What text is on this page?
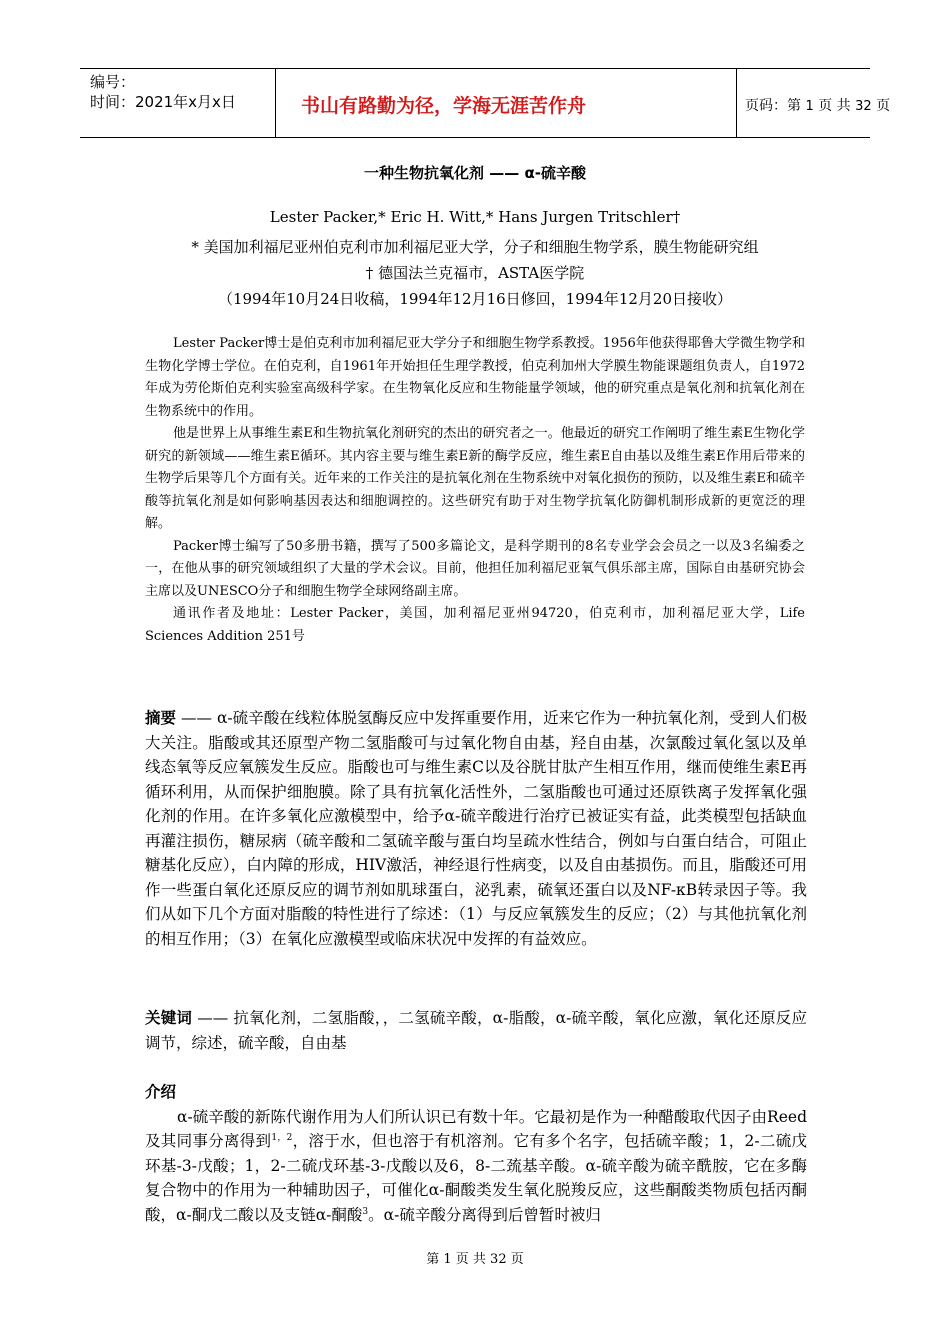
编号：
时间：2021年x月x日	书山有路勤为径，学海无涯苦作舟	页码：第 1 页 共 32 页
一种生物抗氧化剂 —— α-硫辛酸
Lester Packer,* Eric H. Witt,* Hans Jurgen Tritschler†
* 美国加利福尼亚州伯克利市加利福尼亚大学，分子和细胞生物学系，膜生物能研究组
† 德国法兰克福市，ASTA医学院
（1994年10月24日收稿，1994年12月16日修回，1994年12月20日接收）

Lester Packer博士是伯克利市加利福尼亚大学分子和细胞生物学系教授。1956年他获得耶鲁大学微生物学和生物化学博士学位。在伯克利，自1961年开始担任生理学教授，伯克利加州大学膜生物能课题组负责人，自1972年成为劳伦斯伯克利实验室高级科学家。在生物氧化反应和生物能量学领域，他的研究重点是氧化剂和抗氧化剂在生物系统中的作用。

他是世界上从事维生素E和生物抗氧化剂研究的杰出的研究者之一。他最近的研究工作阐明了维生素E生物化学研究的新领域——维生素E循环。其内容主要与维生素E新的酶学反应，维生素E自由基以及维生素E作用后带来的生物学后果等几个方面有关。近年来的工作关注的是抗氧化剂在生物系统中对氧化损伤的预防，以及维生素E和硫辛酸等抗氧化剂是如何影响基因表达和细胞调控的。这些研究有助于对生物学抗氧化防御机制形成新的更宽泛的理解。

Packer博士编写了50多册书籍，撰写了500多篇论文，是科学期刊的8名专业学会会员之一以及3名编委之一，在他从事的研究领域组织了大量的学术会议。目前，他担任加利福尼亚氧气俱乐部主席，国际自由基研究协会主席以及UNESCO分子和细胞生物学全球网络副主席。

通讯作者及地址：Lester Packer，美国，加利福尼亚州94720，伯克利市，加利福尼亚大学，Life Sciences Addition 251号

摘要 —— α-硫辛酸在线粒体脱氢酶反应中发挥重要作用，近来它作为一种抗氧化剂，受到人们极大关注。脂酸或其还原型产物二氢脂酸可与过氧化物自由基，羟自由基，次氯酸过氧化氢以及单线态氧等反应氧簇发生反应。脂酸也可与维生素C以及谷胱甘肽产生相互作用，继而使维生素E再循环利用，从而保护细胞膜。除了具有抗氧化活性外，二氢脂酸也可通过还原铁离子发挥氧化强化剂的作用。在许多氧化应激模型中，给予α-硫辛酸进行治疗已被证实有益，此类模型包括缺血再灌注损伤，糖尿病（硫辛酸和二氢硫辛酸与蛋白均呈疏水性结合，例如与白蛋白结合，可阻止糖基化反应），白内障的形成，HIV激活，神经退行性病变，以及自由基损伤。而且，脂酸还可用作一些蛋白氧化还原反应的调节剂如肌球蛋白，泌乳素，硫氧还蛋白以及NF-κB转录因子等。我们从如下几个方面对脂酸的特性进行了综述：（1）与反应氧簇发生的反应；（2）与其他抗氧化剂的相互作用；（3）在氧化应激模型或临床状况中发挥的有益效应。

关键词 —— 抗氧化剂，二氢脂酸，，二氢硫辛酸，α-脂酸，α-硫辛酸，氧化应激，氧化还原反应调节，综述，硫辛酸，自由基

介绍

α-硫辛酸的新陈代谢作用为人们所认识已有数十年。它最初是作为一种醋酸取代因子由Reed及其同事分离得到$^{1,2}$，溶于水，但也溶于有机溶剂。它有多个名字，包括硫辛酸；1，2-二硫戊环基-3-戊酸；1，2-二硫戊环基-3-戊酸以及6，8-二巯基辛酸。α-硫辛酸为硫辛酰胺，它在多酶复合物中的作用为一种辅助因子，可催化α-酮酸类发生氧化脱羧反应，这些酮酸类物质包括丙酮酸，α-酮戊二酸以及支链α-酮酸$^3$。α-硫辛酸分离得到后曾暂时被归

第 1 页 共 32 页
